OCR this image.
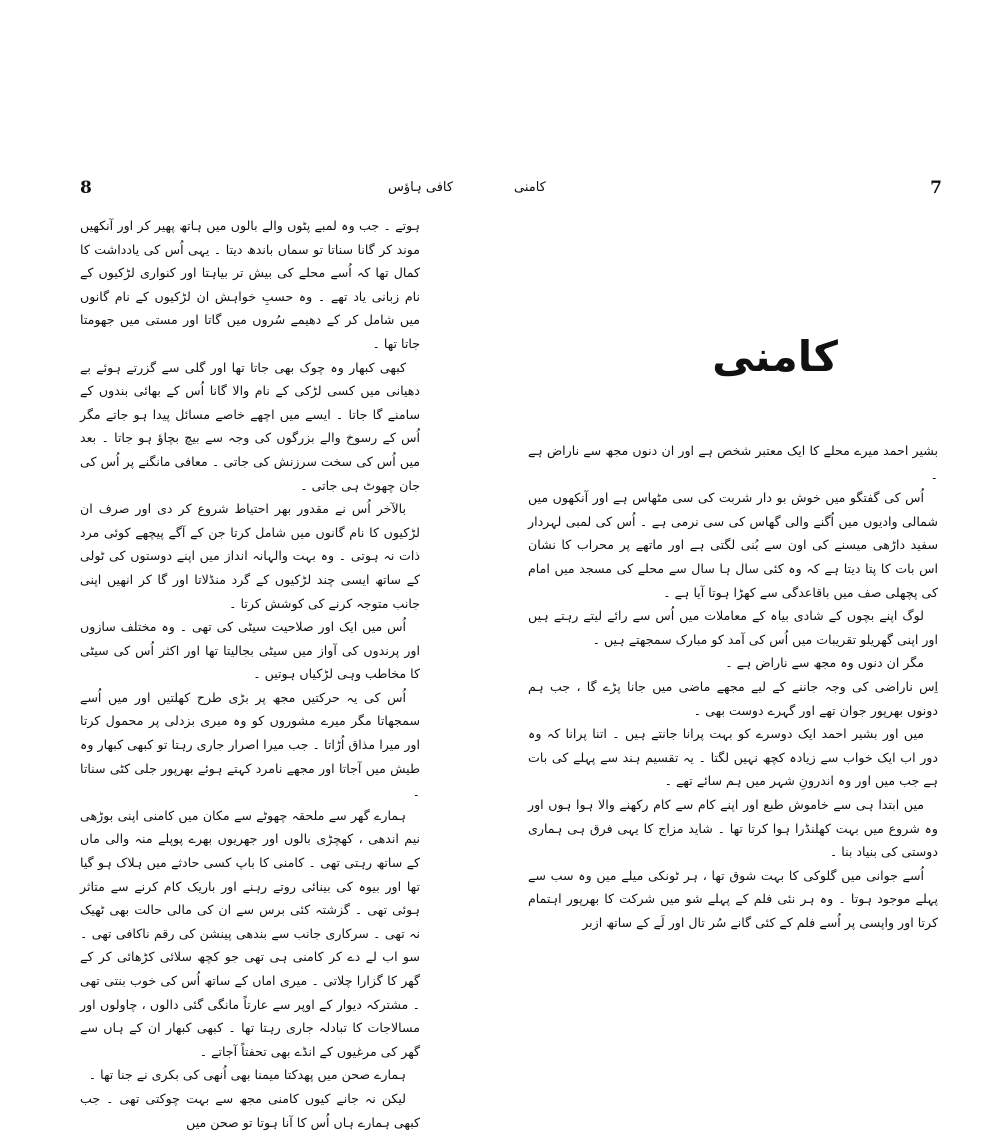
8	کافی ہاؤس

ہوتے ۔ جب وہ لمبے پٹوں والے بالوں میں ہاتھ پھیر کر اور آنکھیں موند کر گانا سناتا تو سماں باندھ دیتا ۔ یہی اُس کی یادداشت کا کمال تھا کہ اُسے محلے کی بیش تر بیاہتا اور کنواری لڑکیوں کے نام زبانی یاد تھے ۔ وہ حسبِ خواہش ان لڑکیوں کے نام گانوں میں شامل کر کے دھیمے سُروں میں گاتا اور مستی میں جھومتا جاتا تھا ۔

کبھی کبھار وہ چوک بھی جاتا تھا اور گلی سے گزرتے ہوئے بے دھیانی میں کسی لڑکی کے نام والا گانا اُس کے بھائی بندوں کے سامنے گا جاتا ۔ ایسے میں اچھے خاصے مسائل پیدا ہو جاتے مگر اُس کے رسوخ والے بزرگوں کی وجہ سے بیچ بچاؤ ہو جاتا ۔ بعد میں اُس کی سخت سرزنش کی جاتی ۔ معافی مانگنے پر اُس کی جان چھوٹ ہی جاتی ۔

بالآخر اُس نے مقدور بھر احتیاط شروع کر دی اور صرف ان لڑکیوں کا نام گانوں میں شامل کرتا جن کے آگے پیچھے کوئی مرد ذات نہ ہوتی ۔ وہ بہت والہانہ انداز میں اپنے دوستوں کی ٹولی کے ساتھ ایسی چند لڑکیوں کے گرد منڈلاتا اور گا کر انھیں اپنی جانب متوجہ کرنے کی کوشش کرتا ۔

اُس میں ایک اور صلاحیت سیٹی کی تھی ۔ وہ مختلف سازوں اور پرندوں کی آواز میں سیٹی بجالیتا تھا اور اکثر اُس کی سیٹی کا مخاطب وہی لڑکیاں ہوتیں ۔

اُس کی یہ حرکتیں مجھ پر بڑی طرح کھلتیں اور میں اُسے سمجھاتا مگر میرے مشوروں کو وہ میری بزدلی پر محمول کرتا اور میرا مذاق اُڑاتا ۔ جب میرا اصرار جاری رہتا تو کبھی کبھار وہ طیش میں آجاتا اور مجھے نامرد کہتے ہوئے بھرپور جلی کٹی سناتا ۔

ہمارے گھر سے ملحقہ چھوٹے سے مکان میں کامنی اپنی بوڑھی نیم اندھی ، کھچڑی بالوں اور جھریوں بھرے پوپلے منہ والی ماں کے ساتھ رہتی تھی ۔ کامنی کا باپ کسی حادثے میں ہلاک ہو گیا تھا اور بیوہ کی بینائی روتے رہنے اور باریک کام کرنے سے متاثر ہوئی تھی ۔ گزشتہ کئی برس سے ان کی مالی حالت بھی ٹھیک نہ تھی ۔ سرکاری جانب سے بندھی پینشن کی رقم ناکافی تھی ۔ سو اب لے دے کر کامنی ہی تھی جو کچھ سلائی کڑھائی کر کے گھر کا گزارا چلاتی ۔ میری اماں کے ساتھ اُس کی خوب بنتی تھی ۔ مشترکہ دیوار کے اوپر سے عارتاً مانگی گئی دالوں ، چاولوں اور مسالاجات کا تبادلہ جاری رہتا تھا ۔ کبھی کبھار ان کے ہاں سے گھر کی مرغیوں کے انڈے بھی تحفتاً آجاتے ۔

ہمارے صحن میں پھدکتا میمنا بھی اُنھی کی بکری نے جنا تھا ۔

لیکن نہ جانے کیوں کامنی مجھ سے بہت چوکتی تھی ۔ جب کبھی ہمارے ہاں اُس کا آنا ہوتا تو صحن میں

7
کامنی
کامنی

بشیر احمد میرے محلے کا ایک معتبر شخص ہے اور ان دنوں مجھ سے ناراض ہے ۔

اُس کی گفتگو میں خوش بو دار شربت کی سی مٹھاس ہے اور آنکھوں میں شمالی وادیوں میں اُگنے والی گھاس کی سی نرمی ہے ۔ اُس کی لمبی لہردار سفید داڑھی میسنے کی اون سے بُنی لگتی ہے اور ماتھے پر محراب کا نشان اس بات کا پتا دیتا ہے کہ وہ کئی سال ہا سال سے محلے کی مسجد میں امام کی پچھلی صف میں باقاعدگی سے کھڑا ہوتا آیا ہے ۔

لوگ اپنے بچوں کے شادی بیاہ کے معاملات میں اُس سے رائے لیتے رہتے ہیں اور اپنی گھریلو تقریبات میں اُس کی آمد کو مبارک سمجھتے ہیں ۔

مگر ان دنوں وہ مجھ سے ناراض ہے ۔

اِس ناراضی کی وجہ جاننے کے لیے مجھے ماضی میں جانا پڑے گا ، جب ہم دونوں بھرپور جوان تھے اور گہرے دوست بھی ۔

میں اور بشیر احمد ایک دوسرے کو بہت پرانا جانتے ہیں ۔ اتنا پرانا کہ وہ دور اب ایک خواب سے زیادہ کچھ نہیں لگتا ۔ یہ تقسیم ہند سے پہلے کی بات ہے جب میں اور وہ اندرونِ شہر میں ہم سائے تھے ۔

میں ابتدا ہی سے خاموش طبع اور اپنے کام سے کام رکھنے والا ہوا ہوں اور وہ شروع میں بہت کھلنڈرا ہوا کرتا تھا ۔ شاید مزاج کا یہی فرق ہی ہماری دوستی کی بنیاد بنا ۔

اُسے جوانی میں گلوکی کا بہت شوق تھا ، ہر ٹونکی میلے میں وہ سب سے پہلے موجود ہوتا ۔ وہ ہر نئی فلم کے پہلے شو میں شرکت کا بھرپور اہتمام کرتا اور واپسی پر اُسے فلم کے کئی گانے سُر تال اور لَے کے ساتھ ازبر
